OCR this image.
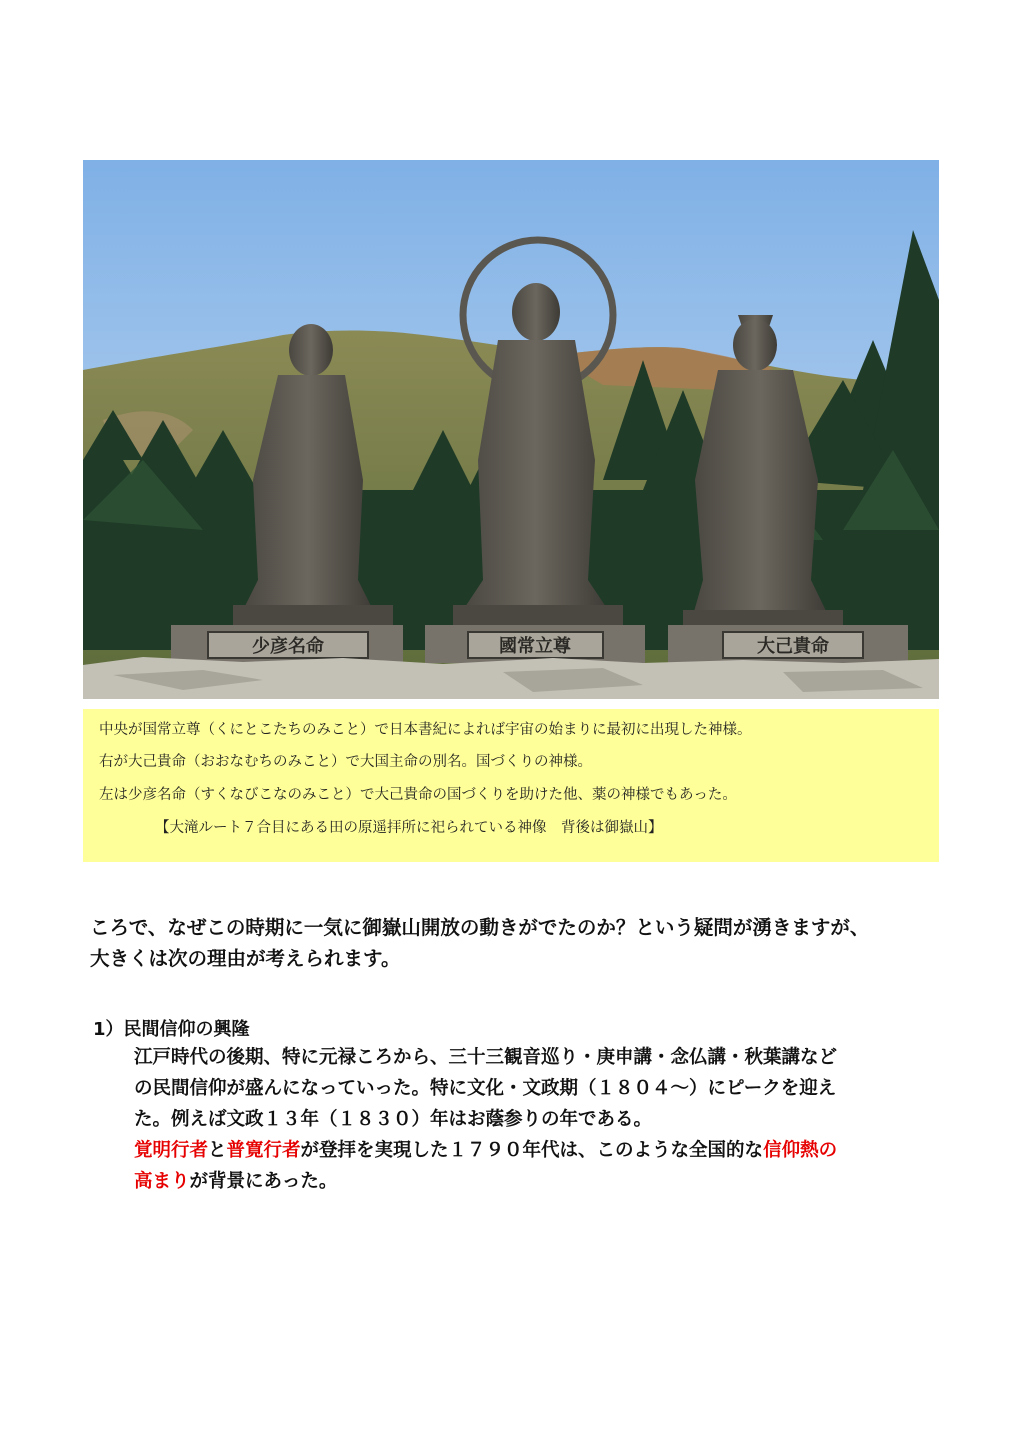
少彦名命	國常立尊	大己貴命
中央が国常立尊（くにとこたちのみこと）で日本書紀によれば宇宙の始まりに最初に出現した神様。
右が大己貴命（おおなむちのみこと）で大国主命の別名。国づくりの神様。
左は少彦名命（すくなびこなのみこと）で大己貴命の国づくりを助けた他、薬の神様でもあった。
【大滝ルート７合目にある田の原遥拝所に祀られている神像　背後は御嶽山】
ころで、なぜこの時期に一気に御嶽山開放の動きがでたのか？という疑問が湧きますが、
大きくは次の理由が考えられます。
1）民間信仰の興隆
江戸時代の後期、特に元禄ころから、三十三観音巡り・庚申講・念仏講・秋葉講など
の民間信仰が盛んになっていった。特に文化・文政期（１８０４～）にピークを迎え
た。例えば文政１３年（１８３０）年はお蔭参りの年である。
覚明行者と普寛行者が登拝を実現した１７９０年代は、このような全国的な信仰熱の
高まりが背景にあった。
